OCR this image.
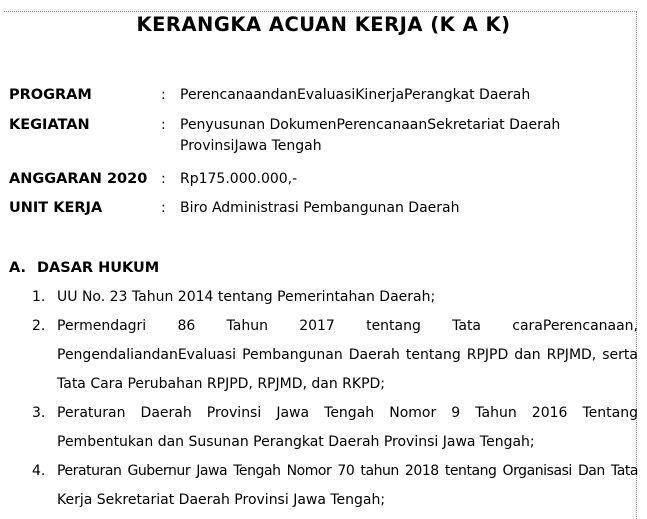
KERANGKA ACUAN KERJA (K A K)
PROGRAM	: PerencanaandanEvaluasiKinerjaPerangkat Daerah
KEGIATAN	: Penyusunan DokumenPerencanaanSekretariat Daerah
ProvinsiJawa Tengah
ANGGARAN 2020 : Rp175.000.000,-
UNIT KERJA	: Biro Administrasi Pembangunan Daerah
A. DASAR HUKUM
1. UU No. 23 Tahun 2014 tentang Pemerintahan Daerah;
2. Permendagri 86 Tahun 2017 tentang Tata caraPerencanaan,
PengendaliandanEvaluasi Pembangunan Daerah tentang RPJPD dan RPJMD, serta
Tata Cara Perubahan RPJPD, RPJMD, dan RKPD;
3. Peraturan Daerah Provinsi Jawa Tengah Nomor 9 Tahun 2016 Tentang
Pembentukan dan Susunan Perangkat Daerah Provinsi Jawa Tengah;
4. Peraturan Gubernur Jawa Tengah Nomor 70 tahun 2018 tentang Organisasi Dan Tata
Kerja Sekretariat Daerah Provinsi Jawa Tengah;
